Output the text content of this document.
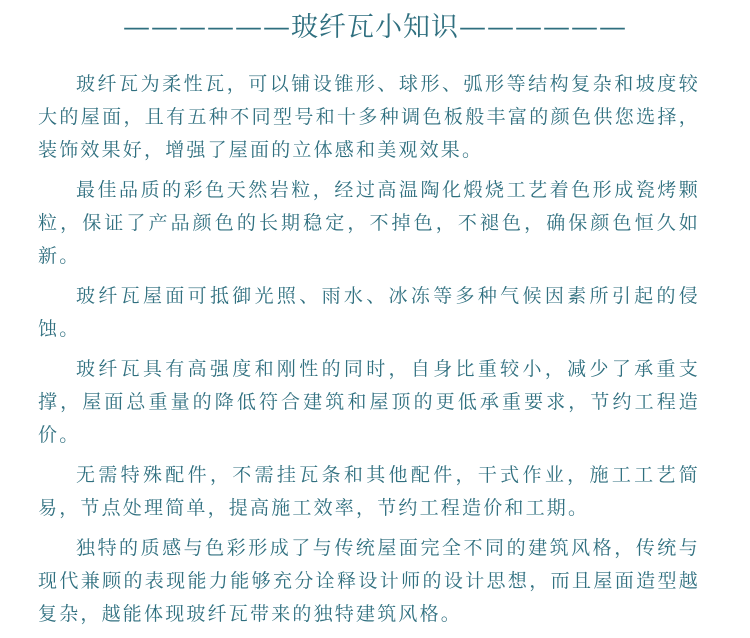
——————玻纤瓦小知识——————

玻纤瓦为柔性瓦，可以铺设锥形、球形、弧形等结构复杂和坡度较大的屋面，且有五种不同型号和十多种调色板般丰富的颜色供您选择，装饰效果好，增强了屋面的立体感和美观效果。

最佳品质的彩色天然岩粒，经过高温陶化煅烧工艺着色形成瓷烤颗粒，保证了产品颜色的长期稳定，不掉色，不褪色，确保颜色恒久如新。

玻纤瓦屋面可抵御光照、雨水、冰冻等多种气候因素所引起的侵蚀。

玻纤瓦具有高强度和刚性的同时，自身比重较小，减少了承重支撑，屋面总重量的降低符合建筑和屋顶的更低承重要求，节约工程造价。

无需特殊配件，不需挂瓦条和其他配件，干式作业，施工工艺简易，节点处理简单，提高施工效率，节约工程造价和工期。

独特的质感与色彩形成了与传统屋面完全不同的建筑风格，传统与现代兼顾的表现能力能够充分诠释设计师的设计思想，而且屋面造型越复杂，越能体现玻纤瓦带来的独特建筑风格。
